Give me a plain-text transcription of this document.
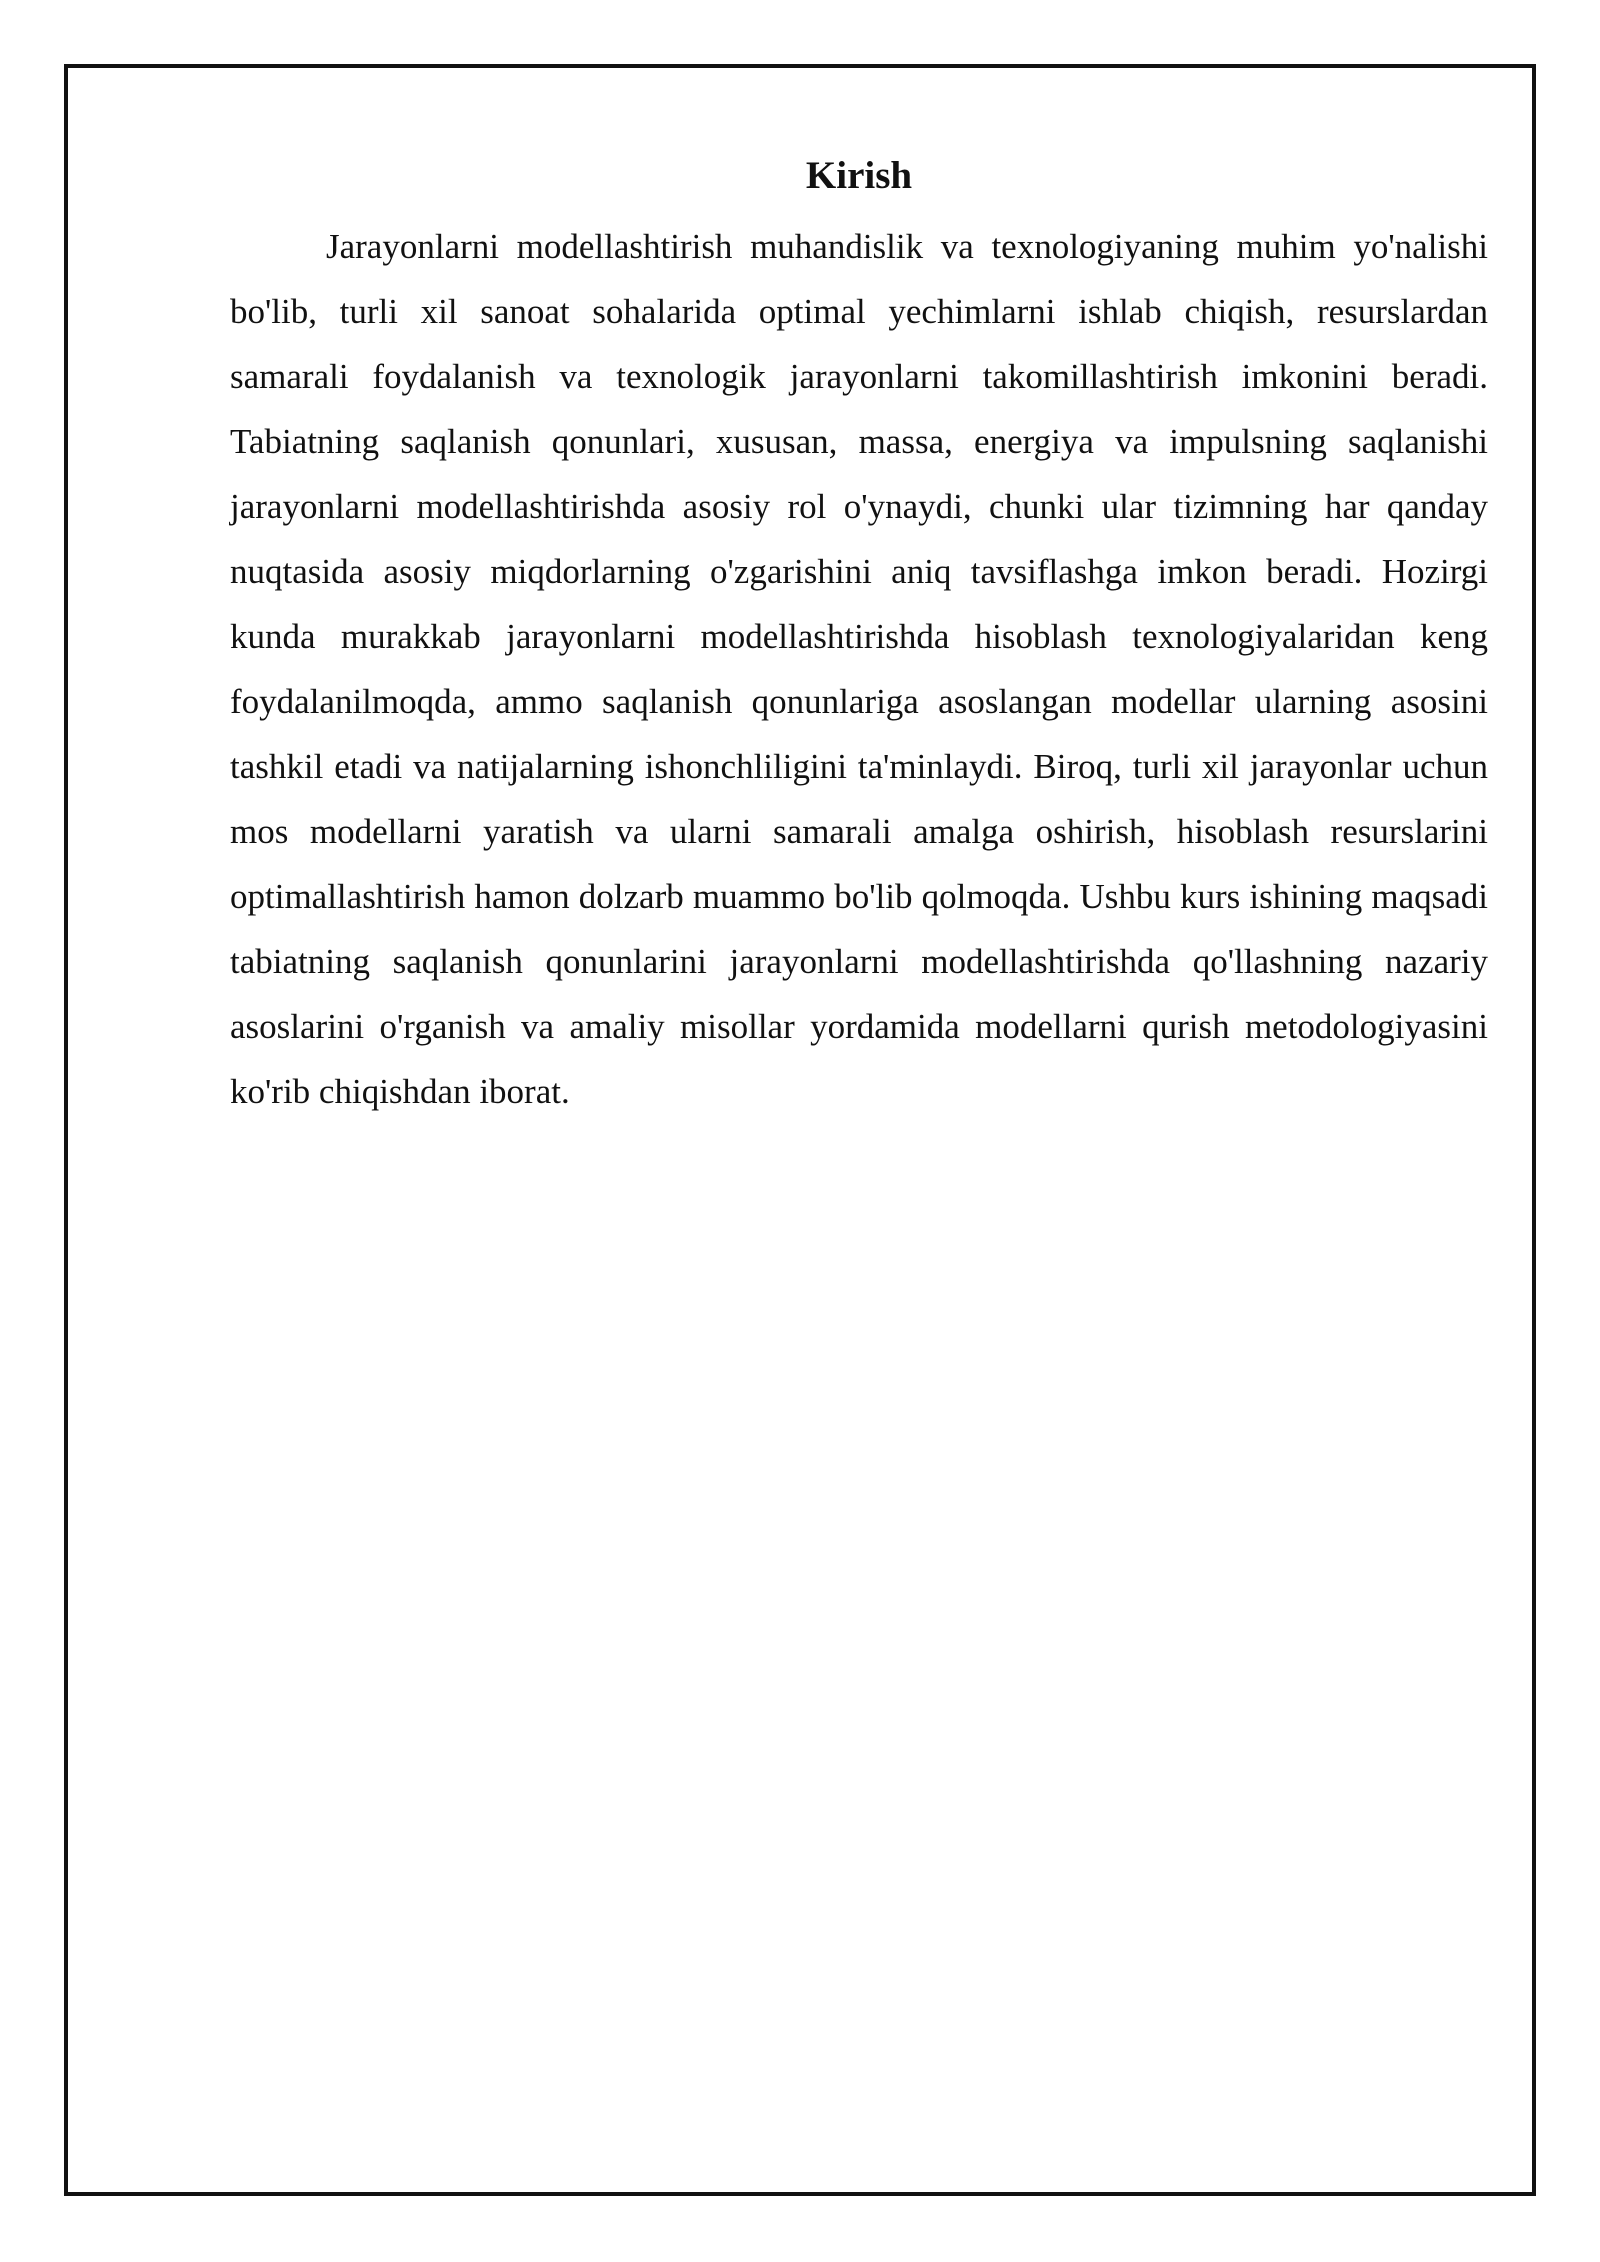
Kirish

Jarayonlarni modellashtirish muhandislik va texnologiyaning muhim yo'nalishi bo'lib, turli xil sanoat sohalarida optimal yechimlarni ishlab chiqish, resurslardan samarali foydalanish va texnologik jarayonlarni takomillashtirish imkonini beradi. Tabiatning saqlanish qonunlari, xususan, massa, energiya va impulsning saqlanishi jarayonlarni modellashtirishda asosiy rol o'ynaydi, chunki ular tizimning har qanday nuqtasida asosiy miqdorlarning o'zgarishini aniq tavsiflashga imkon beradi. Hozirgi kunda murakkab jarayonlarni modellashtirishda hisoblash texnologiyalaridan keng foydalanilmoqda, ammo saqlanish qonunlariga asoslangan modellar ularning asosini tashkil etadi va natijalarning ishonchliligini ta'minlaydi. Biroq, turli xil jarayonlar uchun mos modellarni yaratish va ularni samarali amalga oshirish, hisoblash resurslarini optimallashtirish hamon dolzarb muammo bo'lib qolmoqda. Ushbu kurs ishining maqsadi tabiatning saqlanish qonunlarini jarayonlarni modellashtirishda qo'llashning nazariy asoslarini o'rganish va amaliy misollar yordamida modellarni qurish metodologiyasini ko'rib chiqishdan iborat.
